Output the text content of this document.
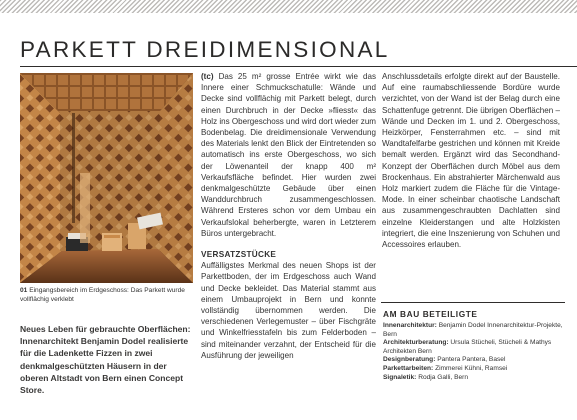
PARKETT DREIDIMENSIONAL
01 Eingangsbereich im Erdgeschoss: Das Parkett wurde vollflächig verklebt

Neues Leben für gebrauchte Oberflächen: Innenarchitekt Benjamin Dodel realisierte für die Ladenkette Fizzen in zwei denkmalgeschützten Häusern in der oberen Altstadt von Bern einen Concept Store.

(tc) Das 25 m² grosse Entrée wirkt wie das Innere einer Schmuckschatulle: Wände und Decke sind vollflächig mit Parkett belegt, durch einen Durchbruch in der Decke »fliesst« das Holz ins Obergeschoss und wird dort wieder zum Bodenbelag. Die dreidimensionale Verwendung des Materials lenkt den Blick der Eintretenden so automatisch ins erste Obergeschoss, wo sich der Löwenanteil der knapp 400 m² Verkaufsfläche befindet. Hier wurden zwei denkmalgeschützte Gebäude über einen Wanddurchbruch zusammengeschlossen. Während Ersteres schon vor dem Umbau ein Verkaufslokal beherbergte, waren in Letzterem Büros untergebracht.

VERSATZSTÜCKE

Auffälligstes Merkmal des neuen Shops ist der Parkettboden, der im Erdgeschoss auch Wand und Decke bekleidet. Das Material stammt aus einem Umbauprojekt in Bern und konnte vollständig übernommen werden. Die verschiedenen Verlegemuster – über Fischgräte und Winkelfriesstafeln bis zum Felderboden – sind miteinander verzahnt, der Entscheid für die Ausführung der jeweiligen

Anschlussdetails erfolgte direkt auf der Baustelle. Auf eine raumabschliessende Bordüre wurde verzichtet, von der Wand ist der Belag durch eine Schattenfuge getrennt. Die übrigen Oberflächen – Wände und Decken im 1. und 2. Obergeschoss, Heizkörper, Fensterrahmen etc. – sind mit Wandtafelfarbe gestrichen und können mit Kreide bemalt werden. Ergänzt wird das Secondhand-Konzept der Oberflächen durch Möbel aus dem Brockenhaus. Ein abstrahierter Märchenwald aus Holz markiert zudem die Fläche für die Vintage-Mode. In einer scheinbar chaotische Landschaft aus zusammengeschraubten Dachlatten sind einzelne Kleiderstangen und alte Holzkisten integriert, die eine Inszenierung von Schuhen und Accessoires erlauben.

AM BAU BETEILIGTE
Innenarchitektur: Benjamin Dodel Innenarchitektur-Projekte, Bern
Architekturberatung: Ursula Stücheli, Stücheli & Mathys Architekten Bern
Designberatung: Pantera Pantera, Basel
Parkettarbeiten: Zimmerei Kühni, Ramsei
Signaletik: Rodja Galli, Bern
